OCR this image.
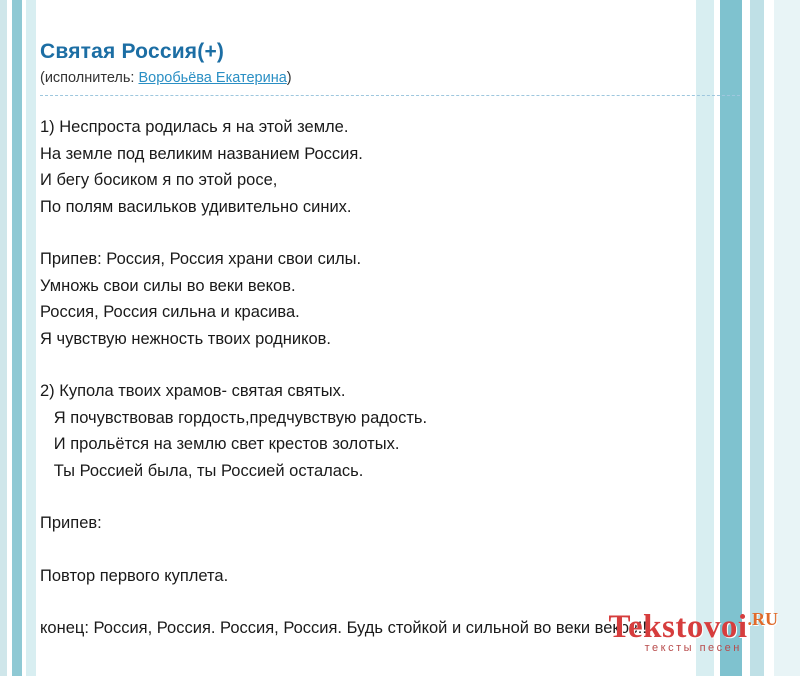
Святая Россия(+)
(исполнитель: Воробьёва Екатерина)
1) Неспроста родилась я на этой земле.
На земле под великим названием Россия.
И бегу босиком я по этой росе,
По полям васильков удивительно синих.

Припев: Россия, Россия храни свои силы.
Умножь свои силы во веки веков.
Россия, Россия сильна и красива.
Я чувствую нежность твоих родников.

2) Купола твоих храмов- святая святых.
Я почувствовав гордость,предчувствую радость.
И прольётся на землю свет крестов золотых.
Ты Россией была, ты Россией осталась.

Припев:

Повтор первого куплета.

конец: Россия, Россия. Россия, Россия. Будь стойкой и сильной во веки веков!!
Tekstovoi$^{.RU}$
тексты песен
